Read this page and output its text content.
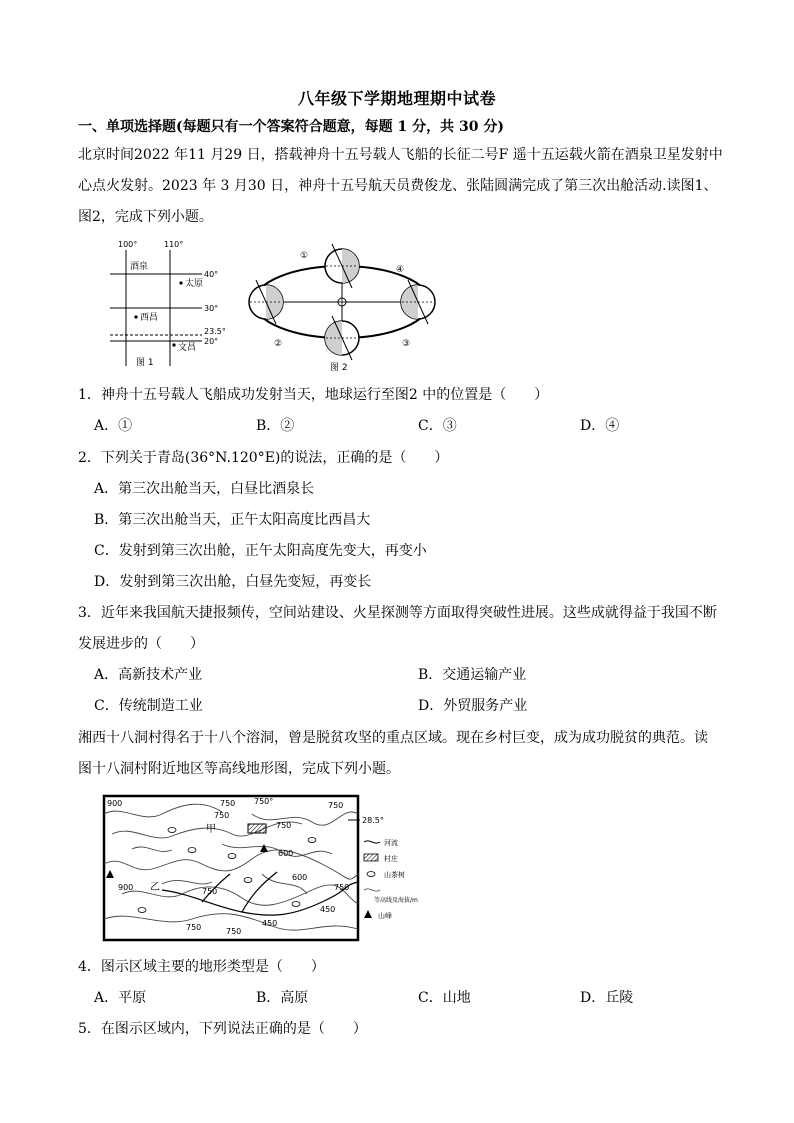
八年级下学期地理期中试卷
一、单项选择题(每题只有一个答案符合题意，每题 1 分，共 30 分)
北京时间2022 年11 月29 日，搭载神舟十五号载人飞船的长征二号F 遥十五运载火箭在酒泉卫星发射中
心点火发射。2023 年 3 月30 日，神舟十五号航天员费俊龙、张陆圆满完成了第三次出舱活动.读图1、
图2，完成下列小题。
100°	110°
40°
30°
23.5°
20°
酒泉
太原
西昌
文昌
图 1
①
②	③
④
图 2
1．神舟十五号载人飞船成功发射当天，地球运行至图2 中的位置是（　　）
A．①	B．②	C．③	D．④
2．下列关于青岛(36°N.120°E)的说法，正确的是（　　）
A．第三次出舱当天，白昼比酒泉长
B．第三次出舱当天，正午太阳高度比西昌大
C．发射到第三次出舱，正午太阳高度先变大，再变小
D．发射到第三次出舱，白昼先变短，再变长
3．近年来我国航天捷报频传，空间站建设、火星探测等方面取得突破性进展。这些成就得益于我国不断
发展进步的（　　）
A．高新技术产业	B．交通运输产业
C．传统制造工业	D．外贸服务产业
湘西十八洞村得名于十八个溶洞，曾是脱贫攻坚的重点区域。现在乡村巨变，成为成功脱贫的典范。读
图十八洞村附近地区等高线地形图，完成下列小题。
900	750 750°	750
750
750
600
600
750
450
750	750
450
900	750
甲
乙
28.5°
河流
村庄
山茶树
等高线及海拔/m
山峰
4．图示区域主要的地形类型是（　　）
A．平原	B．高原	C．山地	D．丘陵
5．在图示区域内，下列说法正确的是（　　）
